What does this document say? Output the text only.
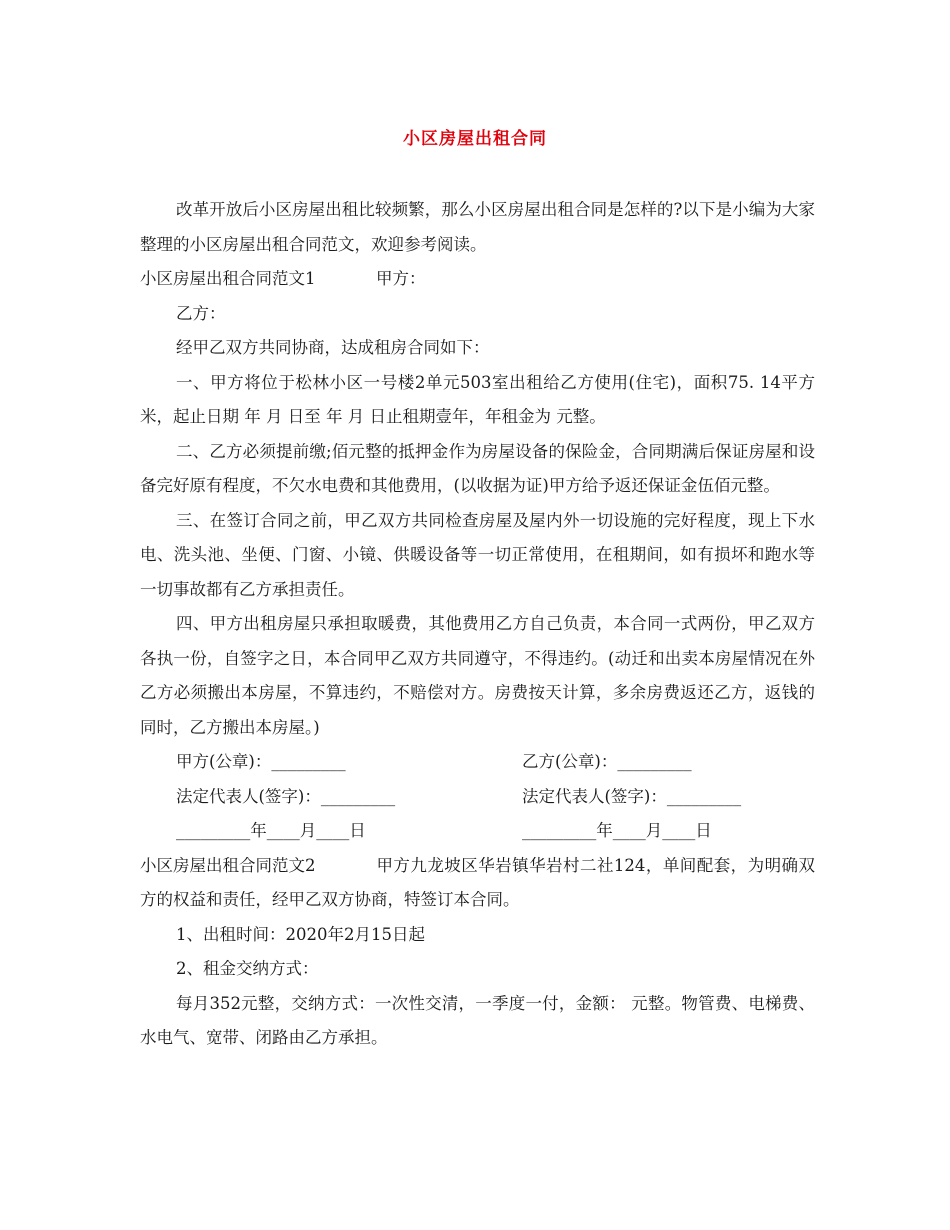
小区房屋出租合同

改革开放后小区房屋出租比较频繁，那么小区房屋出租合同是怎样的?以下是小编为大家整理的小区房屋出租合同范文，欢迎参考阅读。

小区房屋出租合同范文1	甲方：

乙方：

经甲乙双方共同协商，达成租房合同如下：

一、甲方将位于松林小区一号楼2单元503室出租给乙方使用(住宅)，面积75. 14平方米，起止日期 年 月 日至 年 月 日止租期壹年，年租金为 元整。

二、乙方必须提前缴;佰元整的抵押金作为房屋设备的保险金，合同期满后保证房屋和设备完好原有程度，不欠水电费和其他费用，(以收据为证)甲方给予返还保证金伍佰元整。

三、在签订合同之前，甲乙双方共同检查房屋及屋内外一切设施的完好程度，现上下水电、洗头池、坐便、门窗、小镜、供暖设备等一切正常使用，在租期间，如有损坏和跑水等一切事故都有乙方承担责任。

四、甲方出租房屋只承担取暖费，其他费用乙方自己负责，本合同一式两份，甲乙双方各执一份，自签字之日，本合同甲乙双方共同遵守，不得违约。(动迁和出卖本房屋情况在外乙方必须搬出本房屋，不算违约，不赔偿对方。房费按天计算，多余房费返还乙方，返钱的同时，乙方搬出本房屋。)

甲方(公章)：_________	乙方(公章)：_________
法定代表人(签字)：_________	法定代表人(签字)：_________
_________年____月____日	_________年____月____日

小区房屋出租合同范文2	甲方九龙坡区华岩镇华岩村二社124，单间配套，为明确双方的权益和责任，经甲乙双方协商，特签订本合同。

1、出租时间：2020年2月15日起

2、租金交纳方式：

每月352元整，交纳方式：一次性交清，一季度一付，金额： 元整。物管费、电梯费、水电气、宽带、闭路由乙方承担。
